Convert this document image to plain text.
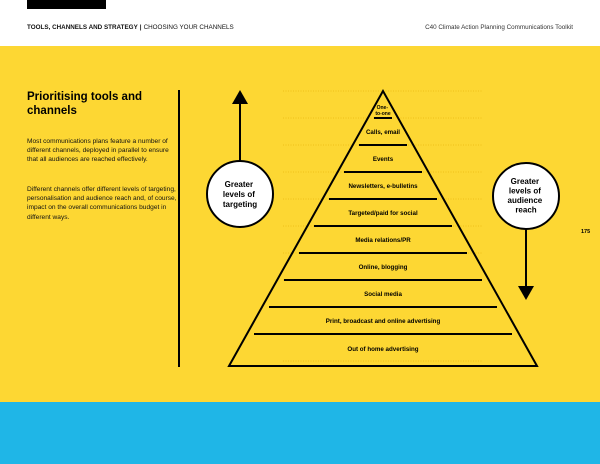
TOOLS, CHANNELS AND STRATEGY | CHOOSING YOUR CHANNELS	C40 Climate Action Planning Communications Toolkit
Prioritising tools and channels

Most communications plans feature a number of different channels, deployed in parallel to ensure that all audiences are reached effectively.

Different channels offer different levels of targeting, personalisation and audience reach and, of course, impact on the overall communications budget in different ways.

175
One- to-one
Calls, email
Events
Newsletters, e-bulletins
Targeted/paid for social
Media relations/PR
Online, blogging
Social media
Print, broadcast and online advertising
Out of home advertising
Greater levels of targeting
Greater levels of audience reach
